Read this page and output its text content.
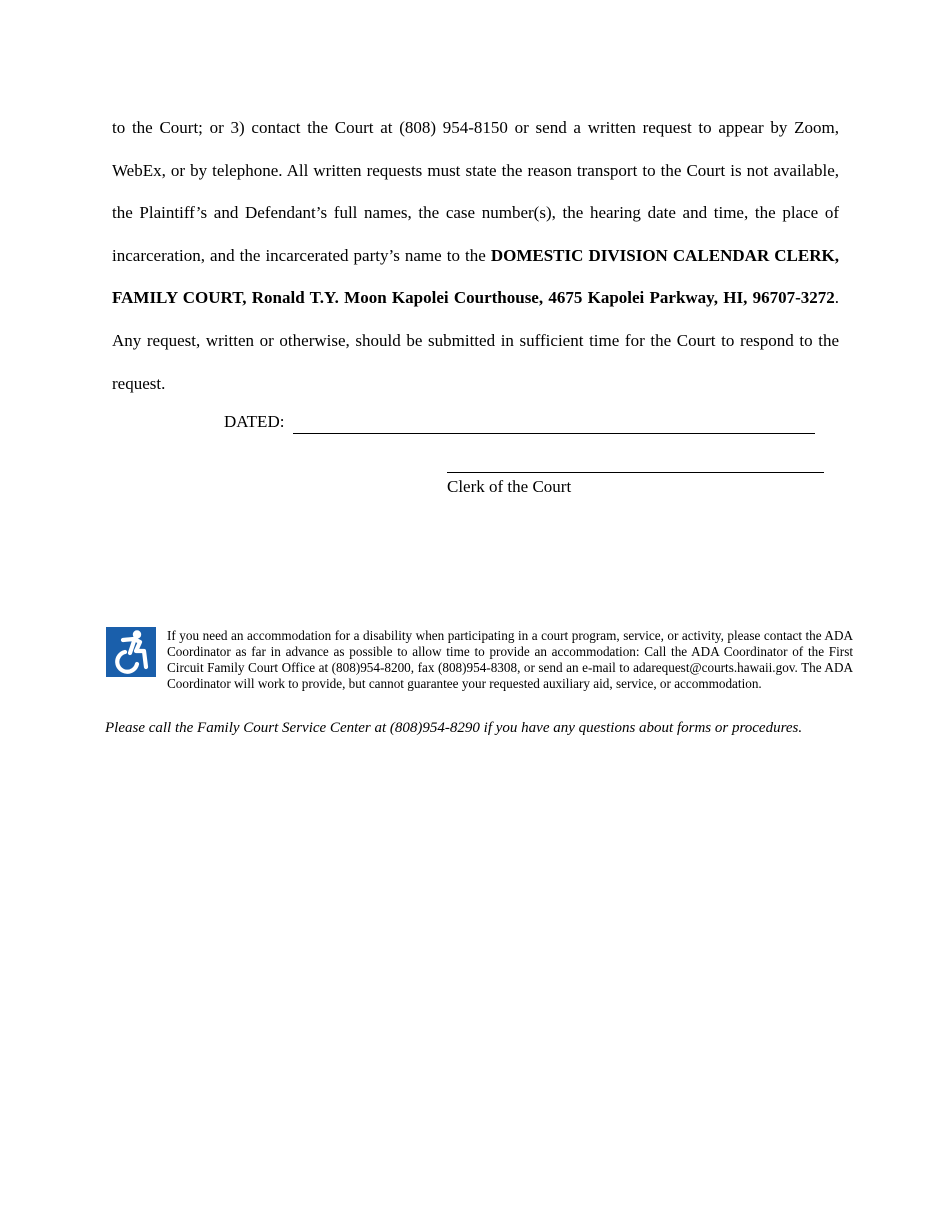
to the Court; or 3) contact the Court at (808) 954-8150 or send a written request to appear by Zoom, WebEx, or by telephone. All written requests must state the reason transport to the Court is not available, the Plaintiff’s and Defendant’s full names, the case number(s), the hearing date and time, the place of incarceration, and the incarcerated party’s name to the DOMESTIC DIVISION CALENDAR CLERK, FAMILY COURT, Ronald T.Y. Moon Kapolei Courthouse, 4675 Kapolei Parkway, HI, 96707-3272. Any request, written or otherwise, should be submitted in sufficient time for the Court to respond to the request.

DATED:
Clerk of the Court

If you need an accommodation for a disability when participating in a court program, service, or activity, please contact the ADA Coordinator as far in advance as possible to allow time to provide an accommodation: Call the ADA Coordinator of the First Circuit Family Court Office at (808)954-8200, fax (808)954-8308, or send an e-mail to adarequest@courts.hawaii.gov. The ADA Coordinator will work to provide, but cannot guarantee your requested auxiliary aid, service, or accommodation.

Please call the Family Court Service Center at (808)954-8290 if you have any questions about forms or procedures.
